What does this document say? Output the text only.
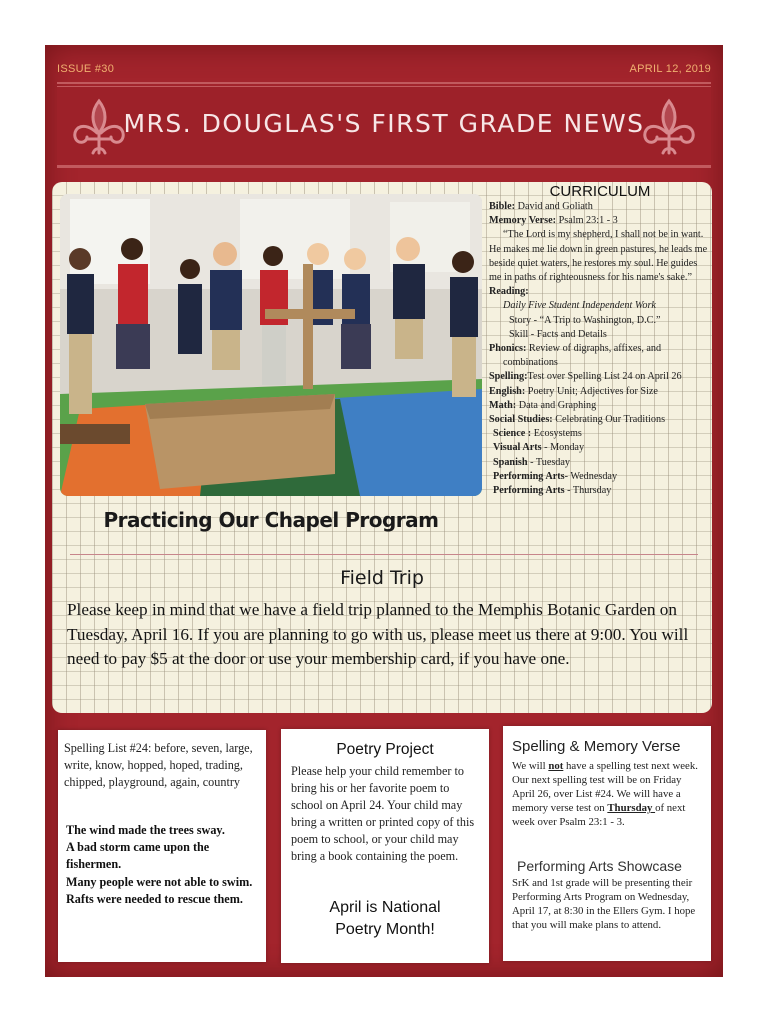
ISSUE #30	APRIL 12, 2019
MRS. DOUGLAS'S FIRST GRADE NEWS
Practicing Our Chapel Program
CURRICULUM
Bible: David and Goliath
Memory Verse: Psalm 23:1 - 3
“The Lord is my shepherd, I shall not be in want. He makes me lie down in green pastures, he leads me beside quiet waters, he restores my soul. He guides me in paths of righteousness for his name's sake.”
Reading:
Daily Five Student Independent Work
Story - “A Trip to Washington, D.C.”
Skill - Facts and Details
Phonics: Review of digraphs, affixes, and combinations
Spelling:Test over Spelling List 24 on April 26
English: Poetry Unit; Adjectives for Size
Math: Data and Graphing
Social Studies: Celebrating Our Traditions
Science : Ecosystems
Visual Arts - Monday
Spanish - Tuesday
Performing Arts- Wednesday
Performing Arts - Thursday
Field Trip
Please keep in mind that we have a field trip planned to the Memphis Botanic Garden on Tuesday, April 16. If you are planning to go with us, please meet us there at 9:00. You will need to pay $5 at the door or use your membership card, if you have one.
Spelling List #24: before, seven, large, write, know, hopped, hoped, trading, chipped, playground, again, country
The wind made the trees sway.
A bad storm came upon the fishermen.
Many people were not able to swim.
Rafts were needed to rescue them.
Poetry Project
Please help your child remember to bring his or her favorite poem to school on April 24. Your child may bring a written or printed copy of this poem to school, or your child may bring a book containing the poem.
April is National
Poetry Month!
Spelling & Memory Verse
We will not have a spelling test next week. Our next spelling test will be on Friday April 26, over List #24. We will have a memory verse test on Thursday of next week over Psalm 23:1 - 3.
Performing Arts Showcase
SrK and 1st grade will be presenting their Performing Arts Program on Wednesday, April 17, at 8:30 in the Ellers Gym. I hope that you will make plans to attend.
